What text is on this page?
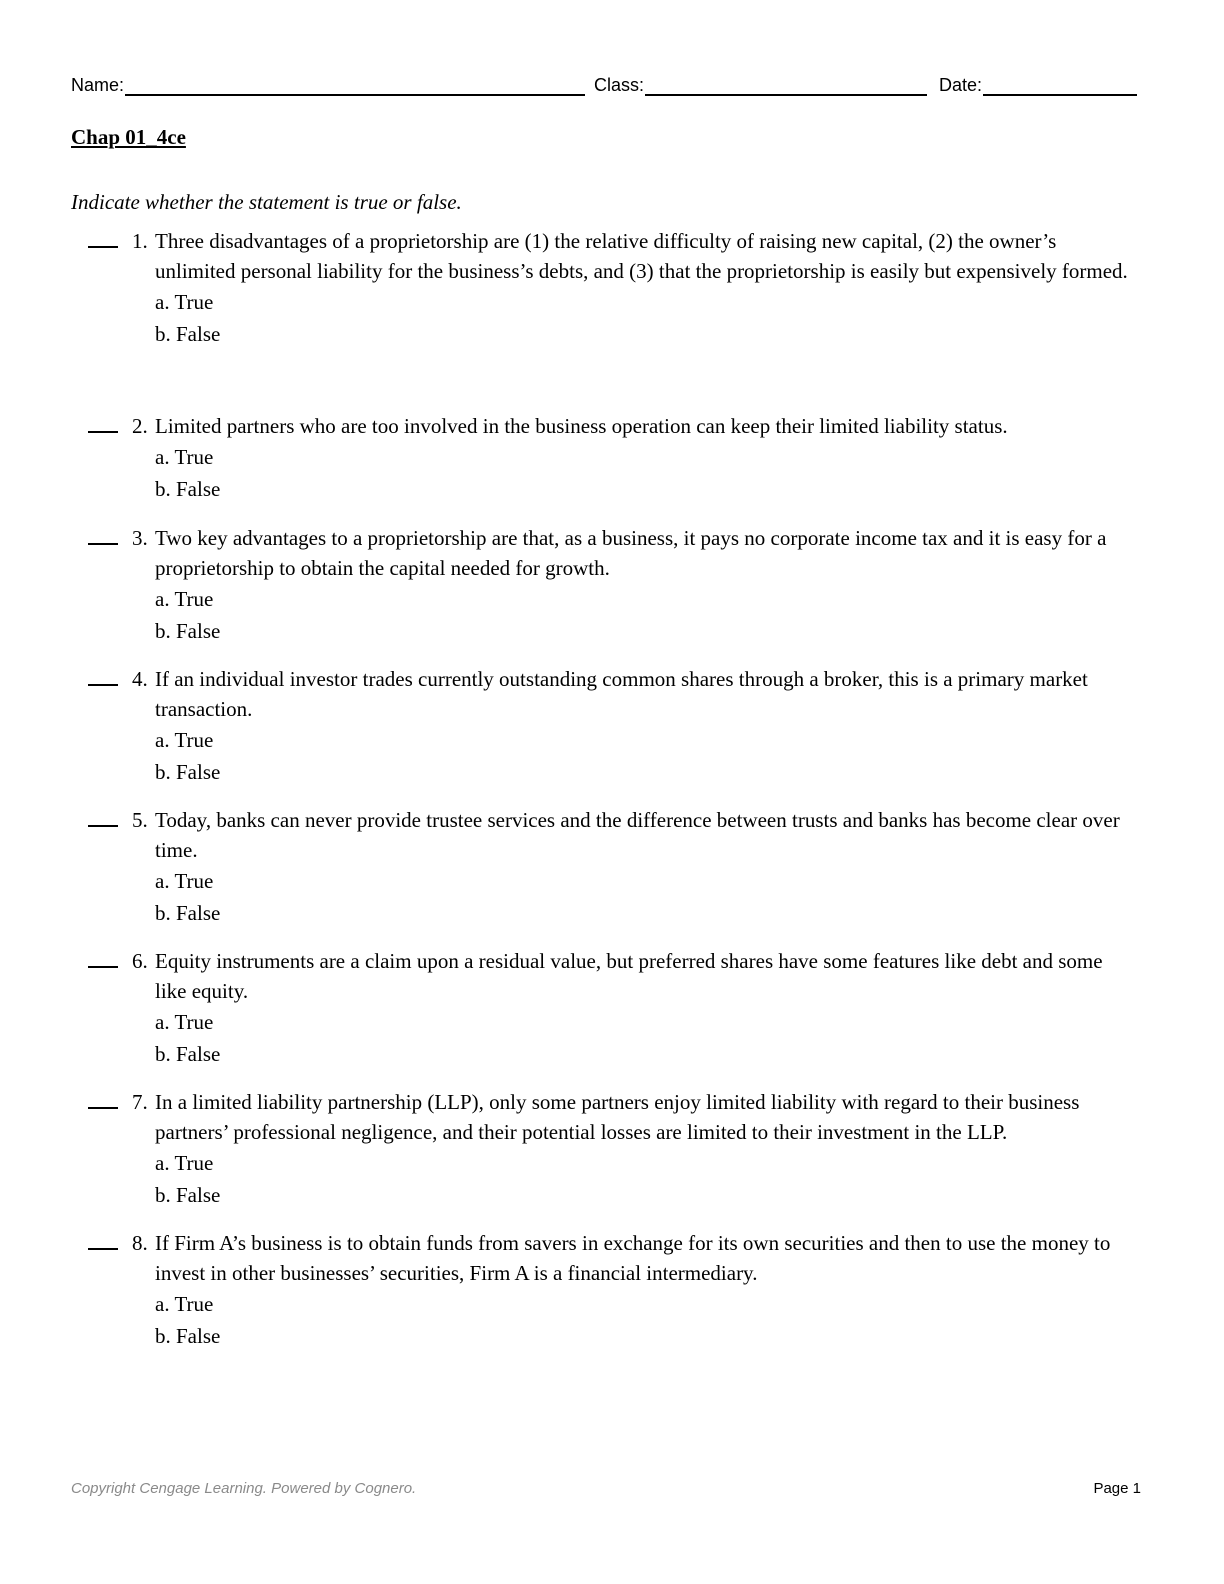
Name:	Class:	Date:
Chap 01_4ce
Indicate whether the statement is true or false.
1. Three disadvantages of a proprietorship are (1) the relative difficulty of raising new capital, (2) the owner’s unlimited personal liability for the business’s debts, and (3) that the proprietorship is easily but expensively formed.
a. True
b. False
2. Limited partners who are too involved in the business operation can keep their limited liability status.
a. True
b. False
3. Two key advantages to a proprietorship are that, as a business, it pays no corporate income tax and it is easy for a proprietorship to obtain the capital needed for growth.
a. True
b. False
4. If an individual investor trades currently outstanding common shares through a broker, this is a primary market transaction.
a. True
b. False
5. Today, banks can never provide trustee services and the difference between trusts and banks has become clear over time.
a. True
b. False
6. Equity instruments are a claim upon a residual value, but preferred shares have some features like debt and some like equity.
a. True
b. False
7. In a limited liability partnership (LLP), only some partners enjoy limited liability with regard to their business partners’ professional negligence, and their potential losses are limited to their investment in the LLP.
a. True
b. False
8. If Firm A’s business is to obtain funds from savers in exchange for its own securities and then to use the money to invest in other businesses’ securities, Firm A is a financial intermediary.
a. True
b. False
Copyright Cengage Learning. Powered by Cognero.	Page 1
